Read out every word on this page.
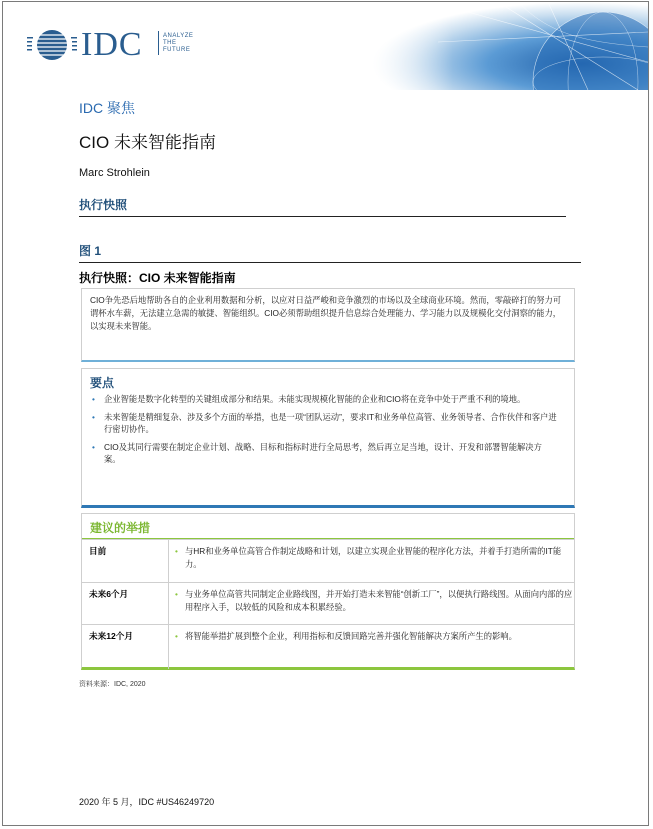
IDC	ANALYZE
THE
FUTURE
IDC 聚焦
CIO 未来智能指南
Marc Strohlein
执行快照
图 1
执行快照：CIO 未来智能指南
CIO争先恐后地帮助各自的企业利用数据和分析，以应对日益严峻和竞争激烈的市场以及全球商业环境。然而，零敲碎打的努力可谓杯水车薪，无法建立急需的敏捷、智能组织。CIO必须帮助组织提升信息综合处理能力、学习能力以及规模化交付洞察的能力，以实现未来智能。
要点
• 企业智能是数字化转型的关键组成部分和结果。未能实现规模化智能的企业和CIO将在竞争中处于严重不利的境地。
• 未来智能是精细复杂、涉及多个方面的举措，也是一项“团队运动”，要求IT和业务单位高管、业务领导者、合作伙伴和客户进行密切协作。
• CIO及其同行需要在制定企业计划、战略、目标和指标时进行全局思考，然后再立足当地，设计、开发和部署智能解决方案。
建议的举措
目前	• 与HR和业务单位高管合作制定战略和计划，以建立实现企业智能的程序化方法，并着手打造所需的IT能力。
未来6个月	• 与业务单位高管共同制定企业路线图，并开始打造未来智能“创新工厂”，以便执行路线图。从面向内部的应用程序入手，以较低的风险和成本积累经验。
未来12个月	• 将智能举措扩展到整个企业，利用指标和反馈回路完善并强化智能解决方案所产生的影响。
资料来源：IDC, 2020
2020 年 5 月，IDC #US46249720
